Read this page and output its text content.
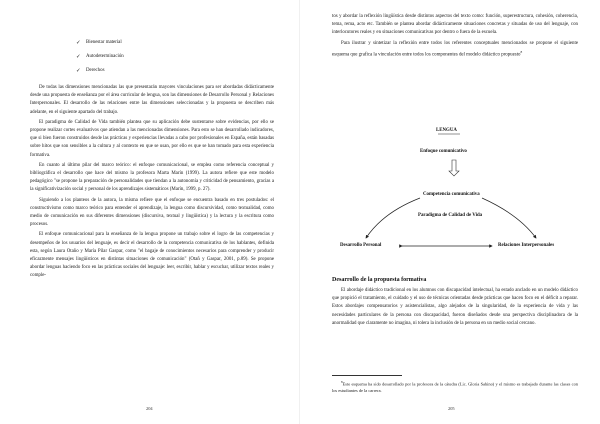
✓	Bienestar material
✓	Autodeterminación
✓	Derechos

De todas las dimensiones mencionadas las que presentarán mayores vinculaciones para ser abordadas didácticamente desde una propuesta de enseñanza por el área curricular de lengua, son las dimensiones de Desarrollo Personal y Relaciones Interpersonales. El desarrollo de las relaciones entre las dimensiones seleccionadas y la propuesta se describen más adelante, en el siguiente apartado del trabajo.

El paradigma de Calidad de Vida también plantea que su aplicación debe sustentarse sobre evidencias, por ello se propone realizar cortes evaluativos que atiendan a las mencionadas dimensiones. Para esto se han desarrollado indicadores, que si bien fueron construidos desde las prácticas y experiencias llevadas a cabo por profesionales en España, están basadas sobre hitos que son sensibles a la cultura y al contexto en que se usan, por ello es que se han tomado para esta experiencia formativa.

En cuanto al último pilar del marco teórico: el enfoque comunicacional, se emplea como referencia conceptual y bibliográfica el desarrollo que hace del mismo la profesora Marta Marín (1999). La autora refiere que este modelo pedagógico "se propone la preparación de personalidades que tiendan a la autonomía y criticidad de pensamiento, gracias a la significativización social y personal de los aprendizajes sistemáticos (Marín, 1999, p. 27).

Siguiendo a los planteos de la autora, la misma refiere que el enfoque se encuentra basado en tres postulados: el constructivismo como marco teórico para entender el aprendizaje, la lengua como discursividad, como textualidad, como medio de comunicación en sus diferentes dimensiones (discursiva, textual y lingüística) y la lectura y la escritura como procesos.

El enfoque comunicacional para la enseñanza de la lengua propone un trabajo sobre el logro de las competencias y desempeños de los usuarios del lenguaje, es decir el desarrollo de la competencia comunicativa de los hablantes, definida esta, según Laura Otaño y María Pilar Gaspar, como "el bagaje de conocimientos necesarios para comprender y producir eficazmente mensajes lingüísticos en distintas situaciones de comunicación" (Otañ y Gaspar, 2001, p.89). Se propone abordar lenguas haciendo foco en las prácticas sociales del lenguaje: leer, escribir, hablar y escuchar, utilizar textos reales y comple-

204

tos y abordar la reflexión lingüística desde distintos aspectos del texto como: función, superestructura, cohesión, coherencia, tema, rema, acto etc. También se plantea abordar didácticamente situaciones concretas y situadas de uso del lenguaje, con interlocutores reales y en situaciones comunicativas por dentro o fuera de la escuela.

Para ilustrar y sintetizar la reflexión entre todos los referentes conceptuales mencionados se propone el siguiente esquema que grafica la vinculación entre todos los componentes del modelo didáctico propuesto$^8$

LENGUA
Enfoque comunicativo
Competencia comunicativa
Paradigma de Calidad de Vida
Desarrollo Personal	Relaciones Interpersonales
Desarrollo de la propuesta formativa

El abordaje didáctico tradicional en los alumnos con discapacidad intelectual, ha estado anclado en un modelo didáctico que propició el tratamiento, el cuidado y el uso de técnicas orientadas desde prácticas que hacen foco en el déficit a reparar. Estos abordajes compensatorios y asistencialistas, algo alejados de la singularidad, de la experiencia de vida y las necesidades particulares de la persona con discapacidad, fueron diseñados desde una perspectiva disciplinadora de la anormalidad que claramente no imagina, ni tolera la inclusión de la persona en un medio social cercano.

$^8$Este esquema ha sido desarrollado por la profesora de la cátedra (Lic. Gloria Sabino) y el mismo es trabajado durante las clases con los estudiantes de la carrera.

205
